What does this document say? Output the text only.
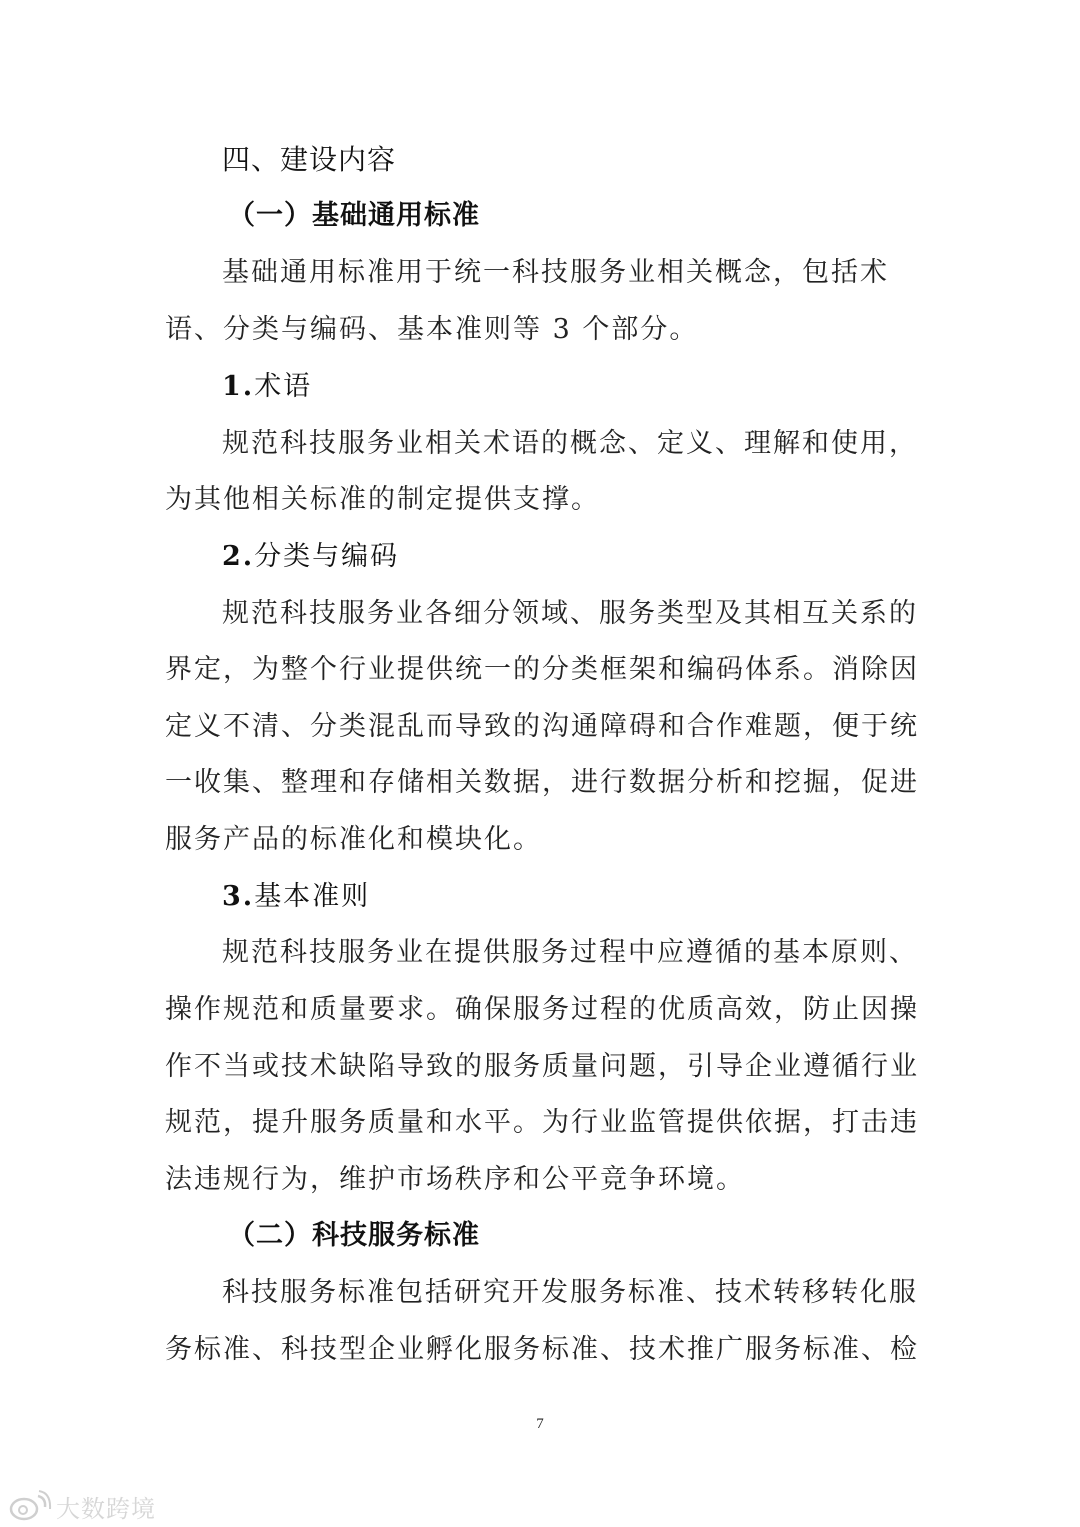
四、建设内容
（一）基础通用标准
基础通用标准用于统一科技服务业相关概念，包括术
语、分类与编码、基本准则等 3 个部分。
1.术语
规范科技服务业相关术语的概念、定义、理解和使用，
为其他相关标准的制定提供支撑。
2.分类与编码
规范科技服务业各细分领域、服务类型及其相互关系的
界定，为整个行业提供统一的分类框架和编码体系。消除因
定义不清、分类混乱而导致的沟通障碍和合作难题，便于统
一收集、整理和存储相关数据，进行数据分析和挖掘，促进
服务产品的标准化和模块化。
3.基本准则
规范科技服务业在提供服务过程中应遵循的基本原则、
操作规范和质量要求。确保服务过程的优质高效，防止因操
作不当或技术缺陷导致的服务质量问题，引导企业遵循行业
规范，提升服务质量和水平。为行业监管提供依据，打击违
法违规行为，维护市场秩序和公平竞争环境。
（二）科技服务标准
科技服务标准包括研究开发服务标准、技术转移转化服
务标准、科技型企业孵化服务标准、技术推广服务标准、检
7
大数跨境
